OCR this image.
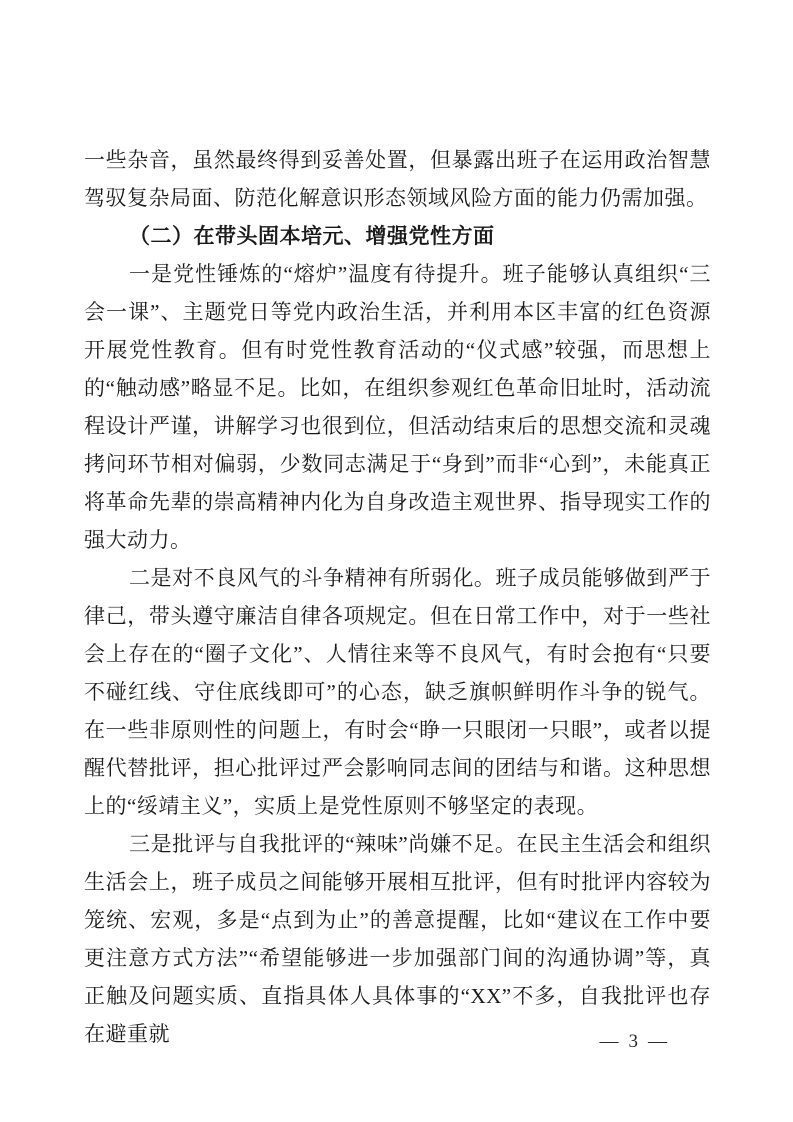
一些杂音，虽然最终得到妥善处置，但暴露出班子在运用政治智慧驾驭复杂局面、防范化解意识形态领域风险方面的能力仍需加强。

（二）在带头固本培元、增强党性方面

一是党性锤炼的“熔炉”温度有待提升。班子能够认真组织“三会一课”、主题党日等党内政治生活，并利用本区丰富的红色资源开展党性教育。但有时党性教育活动的“仪式感”较强，而思想上的“触动感”略显不足。比如，在组织参观红色革命旧址时，活动流程设计严谨，讲解学习也很到位，但活动结束后的思想交流和灵魂拷问环节相对偏弱，少数同志满足于“身到”而非“心到”，未能真正将革命先辈的崇高精神内化为自身改造主观世界、指导现实工作的强大动力。

二是对不良风气的斗争精神有所弱化。班子成员能够做到严于律己，带头遵守廉洁自律各项规定。但在日常工作中，对于一些社会上存在的“圈子文化”、人情往来等不良风气，有时会抱有“只要不碰红线、守住底线即可”的心态，缺乏旗帜鲜明作斗争的锐气。在一些非原则性的问题上，有时会“睁一只眼闭一只眼”，或者以提醒代替批评，担心批评过严会影响同志间的团结与和谐。这种思想上的“绥靖主义”，实质上是党性原则不够坚定的表现。

三是批评与自我批评的“辣味”尚嫌不足。在民主生活会和组织生活会上，班子成员之间能够开展相互批评，但有时批评内容较为笼统、宏观，多是“点到为止”的善意提醒，比如“建议在工作中要更注意方式方法”“希望能够进一步加强部门间的沟通协调”等，真正触及问题实质、直指具体人具体事的“XX”不多，自我批评也存在避重就	— 3 —
